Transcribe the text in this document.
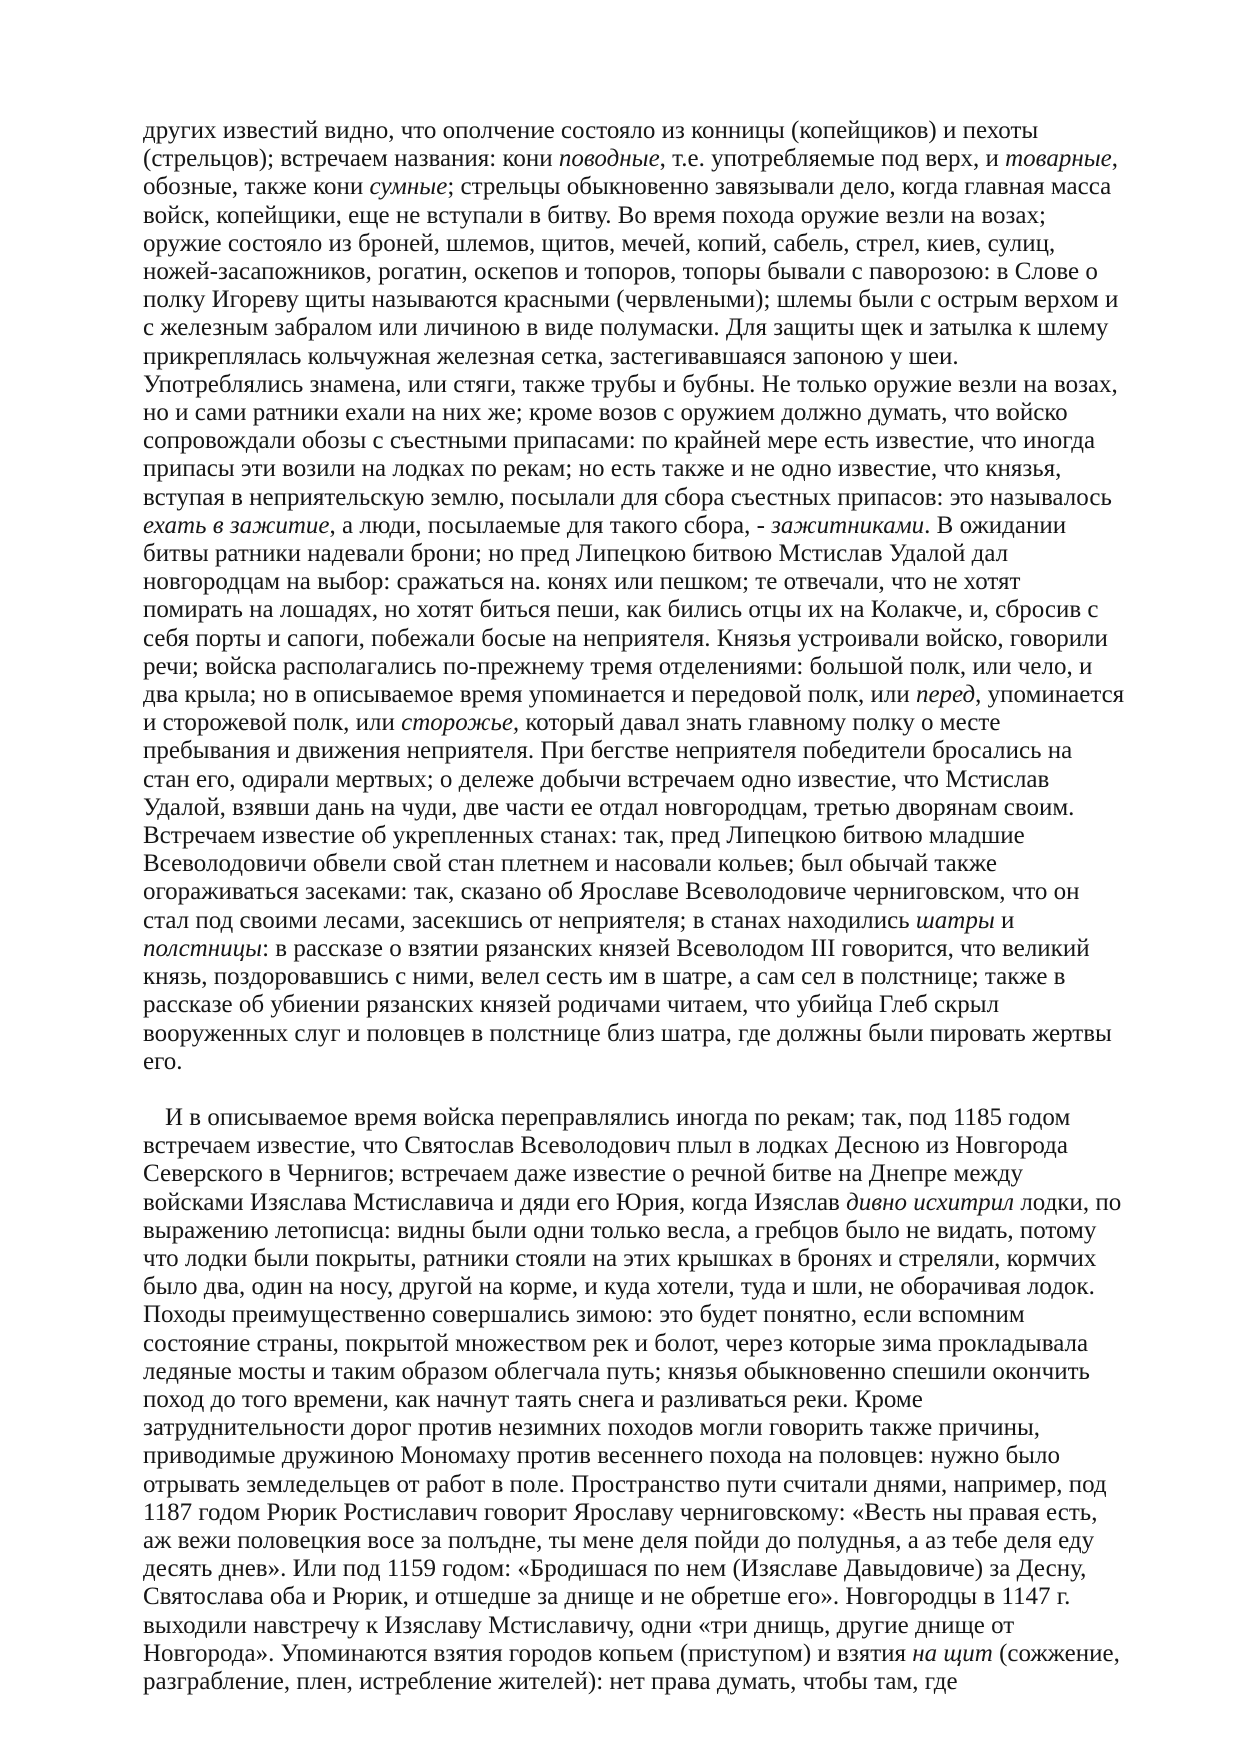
других известий видно, что ополчение состояло из конницы (копейщиков) и пехоты (стрельцов); встречаем названия: кони поводные, т.е. употребляемые под верх, и товарные, обозные, также кони сумные; стрельцы обыкновенно завязывали дело, когда главная масса войск, копейщики, еще не вступали в битву. Во время похода оружие везли на возах; оружие состояло из броней, шлемов, щитов, мечей, копий, сабель, стрел, киев, сулиц, ножей-засапожников, рогатин, оскепов и топоров, топоры бывали с паворозою: в Слове о полку Игореву щиты называются красными (червлеными); шлемы были с острым верхом и с железным забралом или личиною в виде полумаски. Для защиты щек и затылка к шлему прикреплялась кольчужная железная сетка, застегивавшаяся запоною у шеи. Употреблялись знамена, или стяги, также трубы и бубны. Не только оружие везли на возах, но и сами ратники ехали на них же; кроме возов с оружием должно думать, что войско сопровождали обозы с съестными припасами: по крайней мере есть известие, что иногда припасы эти возили на лодках по рекам; но есть также и не одно известие, что князья, вступая в неприятельскую землю, посылали для сбора съестных припасов: это называлось ехать в зажитие, а люди, посылаемые для такого сбора, - зажитниками. В ожидании битвы ратники надевали брони; но пред Липецкою битвою Мстислав Удалой дал новгородцам на выбор: сражаться на. конях или пешком; те отвечали, что не хотят помирать на лошадях, но хотят биться пеши, как бились отцы их на Колакче, и, сбросив с себя порты и сапоги, побежали босые на неприятеля. Князья устроивали войско, говорили речи; войска располагались по-прежнему тремя отделениями: большой полк, или чело, и два крыла; но в описываемое время упоминается и передовой полк, или перед, упоминается и сторожевой полк, или сторожье, который давал знать главному полку о месте пребывания и движения неприятеля. При бегстве неприятеля победители бросались на стан его, одирали мертвых; о дележе добычи встречаем одно известие, что Мстислав Удалой, взявши дань на чуди, две части ее отдал новгородцам, третью дворянам своим. Встречаем известие об укрепленных станах: так, пред Липецкою битвою младшие Всеволодовичи обвели свой стан плетнем и насовали кольев; был обычай также огораживаться засеками: так, сказано об Ярославе Всеволодовиче черниговском, что он стал под своими лесами, засекшись от неприятеля; в станах находились шатры и полстницы: в рассказе о взятии рязанских князей Всеволодом III говорится, что великий князь, поздоровавшись с ними, велел сесть им в шатре, а сам сел в полстнице; также в рассказе об убиении рязанских князей родичами читаем, что убийца Глеб скрыл вооруженных слуг и половцев в полстнице близ шатра, где должны были пировать жертвы его.

И в описываемое время войска переправлялись иногда по рекам; так, под 1185 годом встречаем известие, что Святослав Всеволодович плыл в лодках Десною из Новгорода Северского в Чернигов; встречаем даже известие о речной битве на Днепре между войсками Изяслава Мстиславича и дяди его Юрия, когда Изяслав дивно исхитрил лодки, по выражению летописца: видны были одни только весла, а гребцов было не видать, потому что лодки были покрыты, ратники стояли на этих крышках в бронях и стреляли, кормчих было два, один на носу, другой на корме, и куда хотели, туда и шли, не оборачивая лодок. Походы преимущественно совершались зимою: это будет понятно, если вспомним состояние страны, покрытой множеством рек и болот, через которые зима прокладывала ледяные мосты и таким образом облегчала путь; князья обыкновенно спешили окончить поход до того времени, как начнут таять снега и разливаться реки. Кроме затруднительности дорог против незимних походов могли говорить также причины, приводимые дружиною Мономаху против весеннего похода на половцев: нужно было отрывать земледельцев от работ в поле. Пространство пути считали днями, например, под 1187 годом Рюрик Ростиславич говорит Ярославу черниговскому: «Весть ны правая есть, аж вежи половецкия восе за полъдне, ты мене деля пойди до полуднья, а аз тебе деля еду десять днев». Или под 1159 годом: «Бродишася по нем (Изяславе Давыдовиче) за Десну, Святослава оба и Рюрик, и отшедше за днище и не обретше его». Новгородцы в 1147 г. выходили навстречу к Изяславу Мстиславичу, одни «три днищь, другие днище от Новгорода». Упоминаются взятия городов копьем (приступом) и взятия на щит (сожжение, разграбление, плен, истребление жителей): нет права думать, чтобы там, где
